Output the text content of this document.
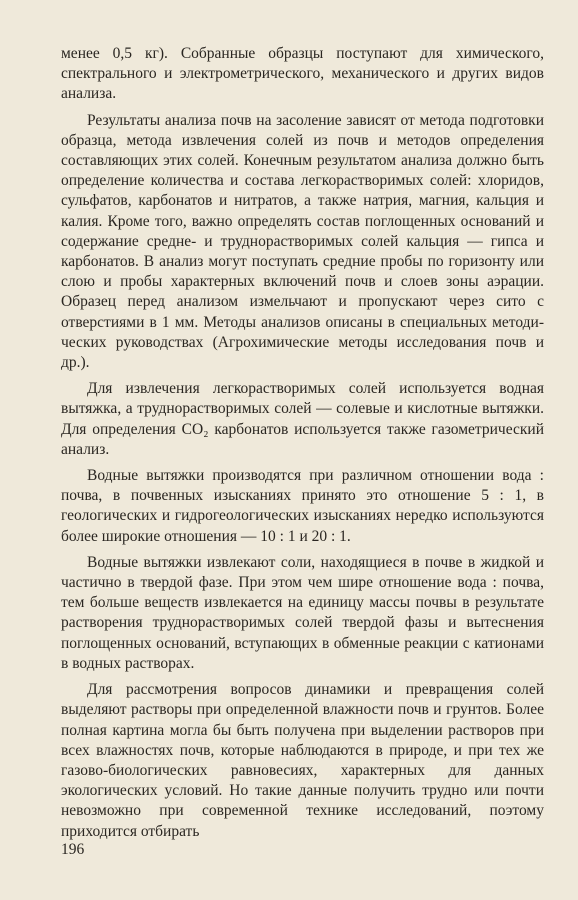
менее 0,5 кг). Собранные образцы поступают для химического, спектрального и электрометрического, механического и других видов анализа.

Результаты анализа почв на засоление зависят от метода подготовки образца, метода извлечения солей из почв и методов определения составляющих этих солей. Конечным результатом анализа должно быть определение количества и состава легкорастворимых солей: хлоридов, сульфатов, карбонатов и нитратов, а также натрия, магния, кальция и калия. Кроме того, важно определять состав поглощенных оснований и содержание средне- и труднорастворимых солей кальция — гипса и карбонатов. В анализ могут поступать средние пробы по горизонту или слою и пробы характерных включений почв и слоев зоны аэрации. Образец перед анализом измельчают и пропускают через сито с отверстиями в 1 мм. Методы анализов описаны в специальных методических руководствах (Агрохимические методы исследования почв и др.).

Для извлечения легкорастворимых солей используется водная вытяжка, а труднорастворимых солей — солевые и кислотные вытяжки. Для определения CO₂ карбонатов используется также газометрический анализ.

Водные вытяжки производятся при различном отношении вода : почва, в почвенных изысканиях принято это отношение 5 : 1, в геологических и гидрогеологических изысканиях нередко используются более широкие отношения — 10 : 1 и 20 : 1.

Водные вытяжки извлекают соли, находящиеся в почве в жидкой и частично в твердой фазе. При этом чем шире отношение вода : почва, тем больше веществ извлекается на единицу массы почвы в результате растворения труднорастворимых солей твердой фазы и вытеснения поглощенных оснований, вступающих в обменные реакции с катионами в водных растворах.

Для рассмотрения вопросов динамики и превращения солей выделяют растворы при определенной влажности почв и грунтов. Более полная картина могла бы быть получена при выделении растворов при всех влажностях почв, которые наблюдаются в природе, и при тех же газово-биологических равновесиях, характерных для данных экологических условий. Но такие данные получить трудно или почти невозможно при современной технике исследований, поэтому приходится отбирать

196
